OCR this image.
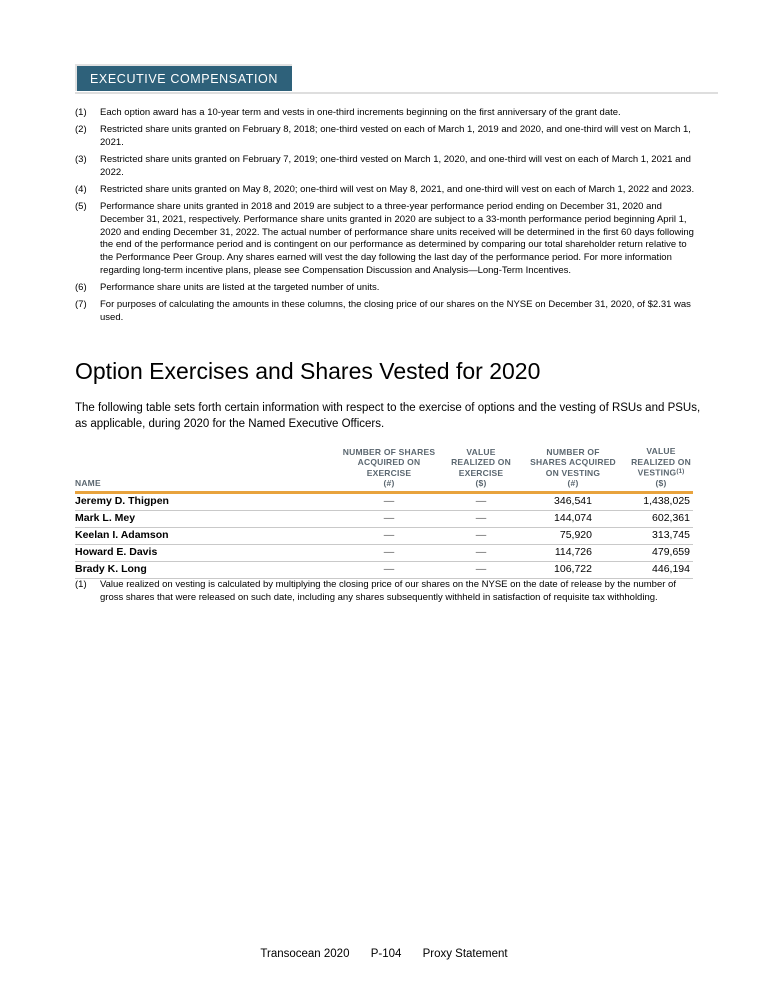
EXECUTIVE COMPENSATION
(1)	Each option award has a 10-year term and vests in one-third increments beginning on the first anniversary of the grant date.
(2)	Restricted share units granted on February 8, 2018; one-third vested on each of March 1, 2019 and 2020, and one-third will vest on March 1, 2021.
(3)	Restricted share units granted on February 7, 2019; one-third vested on March 1, 2020, and one-third will vest on each of March 1, 2021 and 2022.
(4)	Restricted share units granted on May 8, 2020; one-third will vest on May 8, 2021, and one-third will vest on each of March 1, 2022 and 2023.
(5)	Performance share units granted in 2018 and 2019 are subject to a three-year performance period ending on December 31, 2020 and December 31, 2021, respectively. Performance share units granted in 2020 are subject to a 33-month performance period beginning April 1, 2020 and ending December 31, 2022. The actual number of performance share units received will be determined in the first 60 days following the end of the performance period and is contingent on our performance as determined by comparing our total shareholder return relative to the Performance Peer Group. Any shares earned will vest the day following the last day of the performance period. For more information regarding long-term incentive plans, please see Compensation Discussion and Analysis—Long-Term Incentives.
(6)	Performance share units are listed at the targeted number of units.
(7)	For purposes of calculating the amounts in these columns, the closing price of our shares on the NYSE on December 31, 2020, of $2.31 was used.
Option Exercises and Shares Vested for 2020
The following table sets forth certain information with respect to the exercise of options and the vesting of RSUs and PSUs, as applicable, during 2020 for the Named Executive Officers.
NAME
NUMBER OF SHARES
ACQUIRED ON
EXERCISE
(#)
VALUE
REALIZED ON
EXERCISE
($)
NUMBER OF
SHARES ACQUIRED
ON VESTING
(#)
VALUE
REALIZED ON
VESTING$^{(1)}$
($)
Jeremy D. Thigpen	—	—	346,541	1,438,025
Mark L. Mey	—	—	144,074	602,361
Keelan I. Adamson	—	—	75,920	313,745
Howard E. Davis	—	—	114,726	479,659
Brady K. Long	—	—	106,722	446,194
(1)	Value realized on vesting is calculated by multiplying the closing price of our shares on the NYSE on the date of release by the number of gross shares that were released on such date, including any shares subsequently withheld in satisfaction of requisite tax withholding.
Transocean 2020 P-104 Proxy Statement
